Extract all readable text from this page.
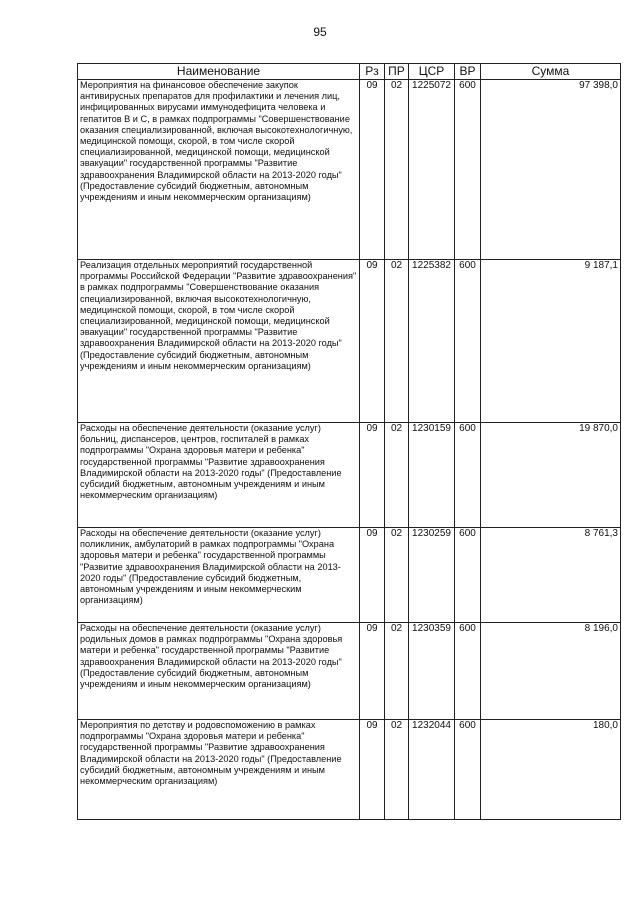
95
Наименование	Рз	ПР	ЦСР	ВР	Сумма
Мероприятия на финансовое обеспечение закупок антивирусных препаратов для профилактики и лечения лиц, инфицированных вирусами иммунодефицита человека и гепатитов В и С, в рамках подпрограммы "Совершенствование оказания специализированной, включая высокотехнологичную, медицинской помощи, скорой, в том числе скорой специализированной, медицинской помощи, медицинской эвакуации" государственной программы "Развитие здравоохранения Владимирской области на 2013-2020 годы" (Предоставление субсидий бюджетным, автономным учреждениям и иным некоммерческим организациям)	09	02	1225072	600	97 398,0
Реализация отдельных мероприятий государственной программы Российской Федерации "Развитие здравоохранения" в рамках подпрограммы "Совершенствование оказания специализированной, включая высокотехнологичную, медицинской помощи, скорой, в том числе скорой специализированной, медицинской помощи, медицинской эвакуации" государственной программы "Развитие здравоохранения Владимирской области на 2013-2020 годы" (Предоставление субсидий бюджетным, автономным учреждениям и иным некоммерческим организациям)	09	02	1225382	600	9 187,1
Расходы на обеспечение деятельности (оказание услуг) больниц, диспансеров, центров, госпиталей в рамках подпрограммы "Охрана здоровья матери и ребенка" государственной программы "Развитие здравоохранения Владимирской области на 2013-2020 годы" (Предоставление субсидий бюджетным, автономным учреждениям и иным некоммерческим организациям)	09	02	1230159	600	19 870,0
Расходы на обеспечение деятельности (оказание услуг) поликлиник, амбулаторий в рамках подпрограммы "Охрана здоровья матери и ребенка" государственной программы "Развитие здравоохранения Владимирской области на 2013-2020 годы" (Предоставление субсидий бюджетным, автономным учреждениям и иным некоммерческим организациям)	09	02	1230259	600	8 761,3
Расходы на обеспечение деятельности (оказание услуг) родильных домов в рамках подпрограммы "Охрана здоровья матери и ребенка" государственной программы "Развитие здравоохранения Владимирской области на 2013-2020 годы" (Предоставление субсидий бюджетным, автономным учреждениям и иным некоммерческим организациям)	09	02	1230359	600	8 196,0
Мероприятия по детству и родовспоможению в рамках подпрограммы "Охрана здоровья матери и ребенка" государственной программы "Развитие здравоохранения Владимирской области на 2013-2020 годы" (Предоставление субсидий бюджетным, автономным учреждениям и иным некоммерческим организациям)	09	02	1232044	600	180,0
